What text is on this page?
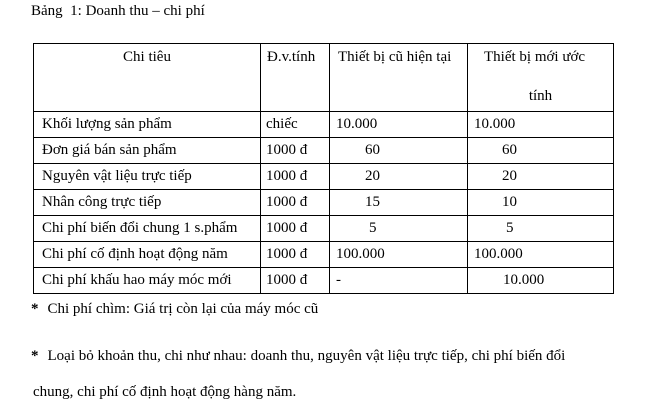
Bảng  1: Doanh thu – chi phí
Chi tiêu	Đ.v.tính	Thiết bị cũ hiện tại	Thiết bị mới ước
tính

Khối lượng sản phẩm	chiếc	10.000	10.000

Đơn giá bán sản phẩm	1000 đ	60	60

Nguyên vật liệu trực tiếp	1000 đ	20	20

Nhân công trực tiếp	1000 đ	15	10

Chi phí biến đổi chung 1 s.phẩm	1000 đ	5	5

Chi phí cố định hoạt động năm	1000 đ	100.000	100.000

Chi phí khấu hao máy móc mới	1000 đ	-	10.000
* Chi phí chìm: Giá trị còn lại của máy móc cũ
* Loại bỏ khoản thu, chi như nhau: doanh thu, nguyên vật liệu trực tiếp, chi phí biến đổi
chung, chi phí cố định hoạt động hàng năm.
